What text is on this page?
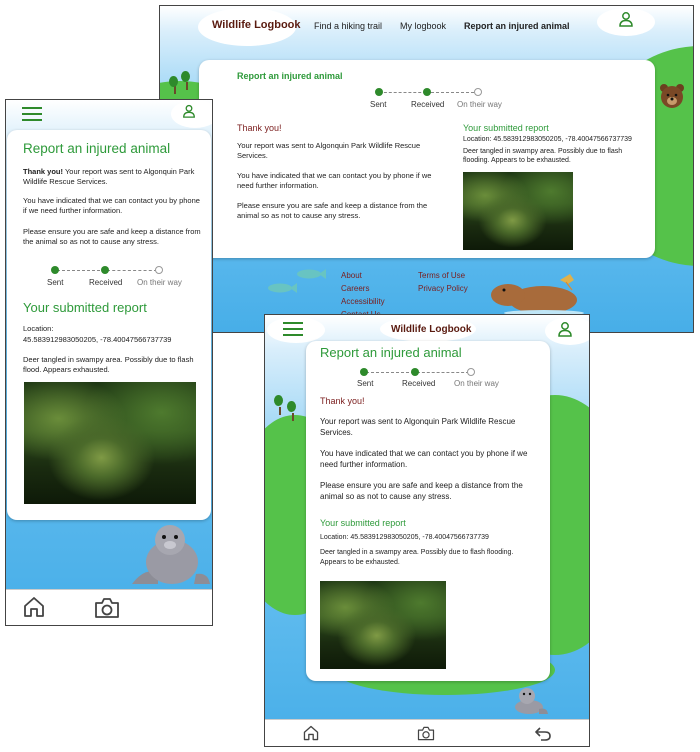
Wildlife Logbook Find a hiking trail My logbook Report an injured animal
Report an injured animal
Sent	Received On their way
Thank you!
Your report was sent to Algonquin Park Wildlife Rescue Services.
You have indicated that we can contact you by phone if we need further information.
Please ensure you are safe and keep a distance from the animal so as not to cause any stress.
Your submitted report
Location: 45.583912983050205, -78.40047566737739
Deer tangled in swampy area. Possibly due to flash flooding. Appears to be exhausted.
About
Careers
Accessibility
Terms of Use
Privacy Policy
Report an injured animal
Thank you! Your report was sent to Algonquin Park Wildlife Rescue Services.
You have indicated that we can contact you by phone if we need further information.
Please ensure you are safe and keep a distance from the animal so as not to cause any stress.
Sent	Received On their way
Your submitted report
Location:
45.583912983050205, -78.40047566737739
Deer tangled in swampy area. Possibly due to flash flood. Appears exhausted.
Wildlife Logbook
Report an injured animal
Sent	Received On their way
Thank you!
Your report was sent to Algonquin Park Wildlife Rescue Services.
You have indicated that we can contact you by phone if we need further information.
Please ensure you are safe and keep a distance from the animal so as not to cause any stress.
Your submitted report
Location: 45.583912983050205, -78.40047566737739
Deer tangled in a swampy area. Possibly due to flash flooding. Appears to be exhausted.
